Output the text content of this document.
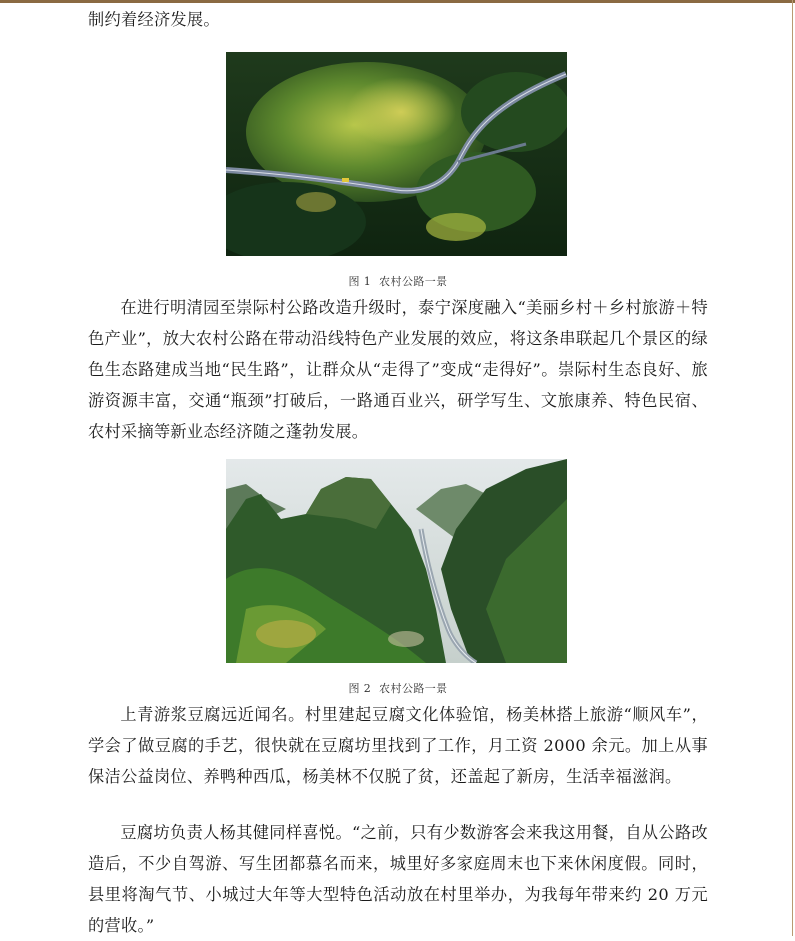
制约着经济发展。
图 1 农村公路一景

在进行明清园至崇际村公路改造升级时，泰宁深度融入“美丽乡村＋乡村旅游＋特色产业”，放大农村公路在带动沿线特色产业发展的效应，将这条串联起几个景区的绿色生态路建成当地“民生路”，让群众从“走得了”变成“走得好”。崇际村生态良好、旅游资源丰富，交通“瓶颈”打破后，一路通百业兴，研学写生、文旅康养、特色民宿、农村采摘等新业态经济随之蓬勃发展。

图 2 农村公路一景

上青游浆豆腐远近闻名。村里建起豆腐文化体验馆，杨美林搭上旅游“顺风车”，学会了做豆腐的手艺，很快就在豆腐坊里找到了工作，月工资 2000 余元。加上从事保洁公益岗位、养鸭种西瓜，杨美林不仅脱了贫，还盖起了新房，生活幸福滋润。

豆腐坊负责人杨其健同样喜悦。“之前，只有少数游客会来我这用餐，自从公路改造后，不少自驾游、写生团都慕名而来，城里好多家庭周末也下来休闲度假。同时，县里将淘气节、小城过大年等大型特色活动放在村里举办，为我每年带来约 20 万元的营收。”
